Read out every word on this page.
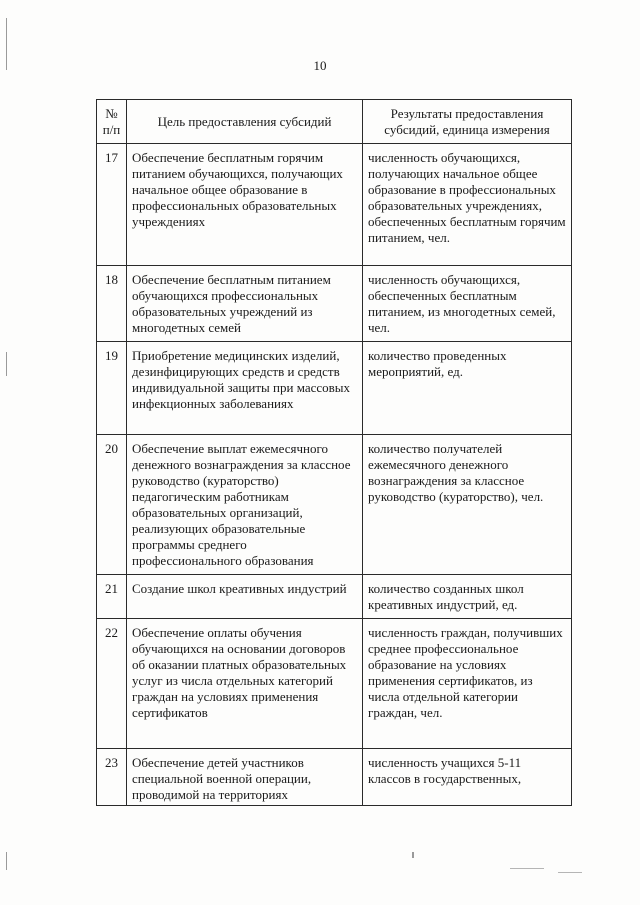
10
№ п/п	Цель предоставления субсидий	Результаты предоставления субсидий, единица измерения

17	Обеспечение бесплатным горячим питанием обучающихся, получающих начальное общее образование в профессиональных образовательных учреждениях	численность обучающихся, получающих начальное общее образование в профессиональных образовательных учреждениях, обеспеченных бесплатным горячим питанием, чел.

18	Обеспечение бесплатным питанием обучающихся профессиональных образовательных учреждений из многодетных семей	численность обучающихся, обеспеченных бесплатным питанием, из многодетных семей, чел.

19	Приобретение медицинских изделий, дезинфицирующих средств и средств индивидуальной защиты при массовых инфекционных заболеваниях	количество проведенных мероприятий, ед.

20	Обеспечение выплат ежемесячного денежного вознаграждения за классное руководство (кураторство) педагогическим работникам образовательных организаций, реализующих образовательные программы среднего профессионального образования	количество получателей ежемесячного денежного вознаграждения за классное руководство (кураторство), чел.

21	Создание школ креативных индустрий	количество созданных школ креативных индустрий, ед.

22	Обеспечение оплаты обучения обучающихся на основании договоров об оказании платных образовательных услуг из числа отдельных категорий граждан на условиях применения сертификатов	численность граждан, получивших среднее профессиональное образование на условиях применения сертификатов, из числа отдельной категории граждан, чел.

23	Обеспечение детей участников специальной военной операции, проводимой на территориях	численность учащихся 5-11 классов в государственных,
